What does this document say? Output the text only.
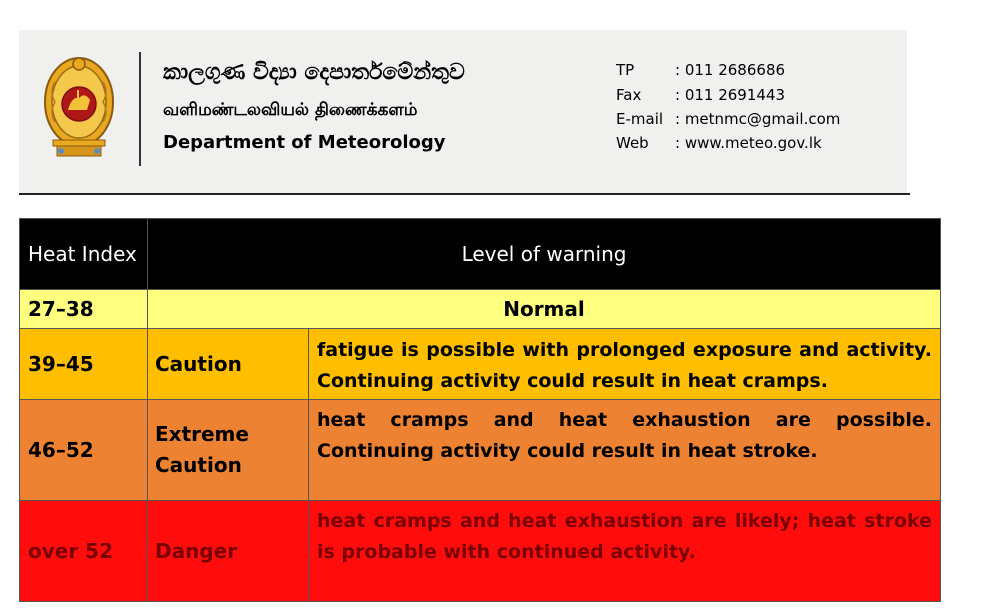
කාලගුණ විද්‍යා දෙපාර්තමේන්තුව
வளிமண்டலவியல் திணைக்களம்
Department of Meteorology
TP	: 011 2686686
Fax : 011 2691443
E-mail : metnmc@gmail.com
Web : www.meteo.gov.lk
Heat Index	Level of warning	
27–38	Normal	
39–45	Caution	fatigue is possible with prolonged exposure and activity. Continuing activity could result in heat cramps.
46–52	Extreme Caution	heat cramps and heat exhaustion are possible. Continuing activity could result in heat stroke.
over 52	Danger	heat cramps and heat exhaustion are likely; heat stroke is probable with continued activity.
